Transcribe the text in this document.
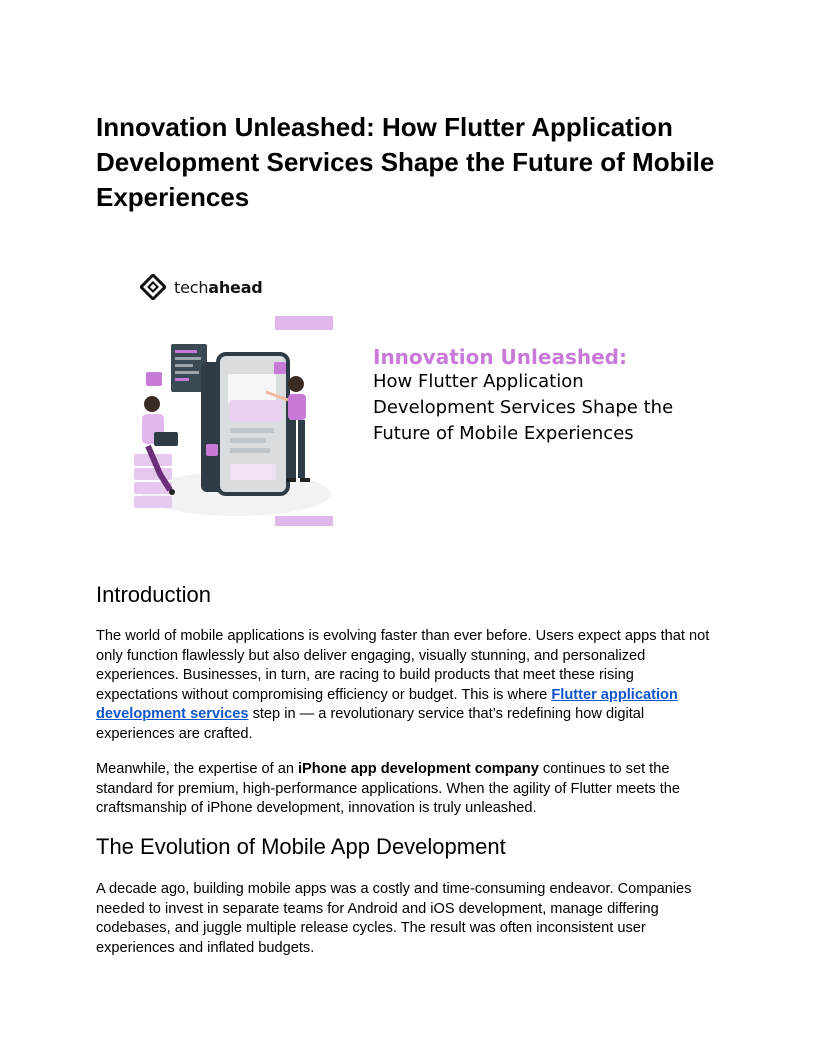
Innovation Unleashed: How Flutter Application Development Services Shape the Future of Mobile Experiences
techahead
Innovation Unleashed:
How Flutter Application Development Services Shape the Future of Mobile Experiences
Introduction

The world of mobile applications is evolving faster than ever before. Users expect apps that not only function flawlessly but also deliver engaging, visually stunning, and personalized experiences. Businesses, in turn, are racing to build products that meet these rising expectations without compromising efficiency or budget. This is where Flutter application development services step in — a revolutionary service that’s redefining how digital experiences are crafted.

Meanwhile, the expertise of an iPhone app development company continues to set the standard for premium, high-performance applications. When the agility of Flutter meets the craftsmanship of iPhone development, innovation is truly unleashed.

The Evolution of Mobile App Development

A decade ago, building mobile apps was a costly and time-consuming endeavor. Companies needed to invest in separate teams for Android and iOS development, manage differing codebases, and juggle multiple release cycles. The result was often inconsistent user experiences and inflated budgets.
